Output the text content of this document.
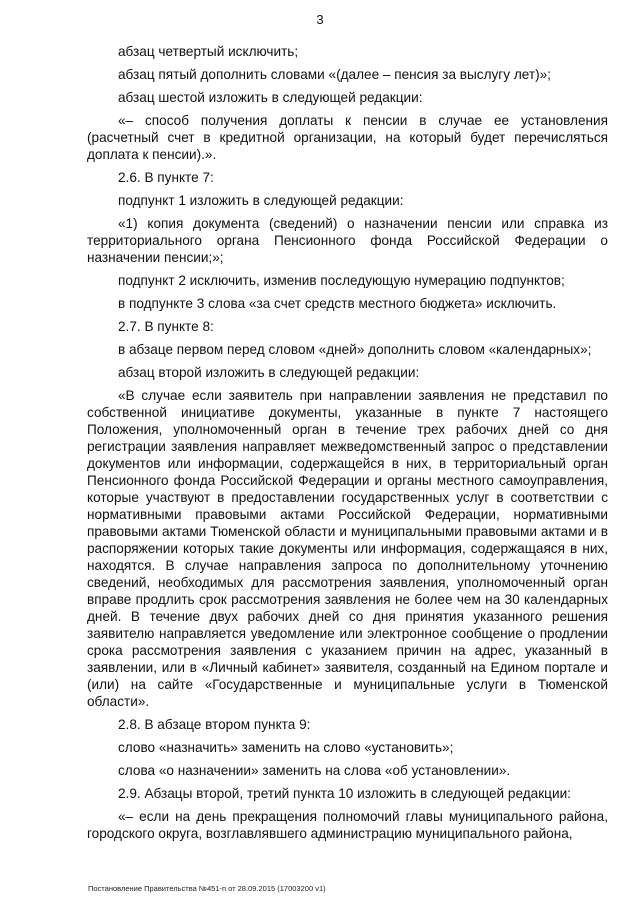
3

абзац четвертый исключить;

абзац пятый дополнить словами «(далее – пенсия за выслугу лет)»;

абзац шестой изложить в следующей редакции:

«– способ получения доплаты к пенсии в случае ее установления (расчетный счет в кредитной организации, на который будет перечисляться доплата к пенсии).».

2.6. В пункте 7:

подпункт 1 изложить в следующей редакции:

«1) копия документа (сведений) о назначении пенсии или справка из территориального органа Пенсионного фонда Российской Федерации о назначении пенсии;»;

подпункт 2 исключить, изменив последующую нумерацию подпунктов;

в подпункте 3 слова «за счет средств местного бюджета» исключить.

2.7. В пункте 8:

в абзаце первом перед словом «дней» дополнить словом «календарных»;

абзац второй изложить в следующей редакции:

«В случае если заявитель при направлении заявления не представил по собственной инициативе документы, указанные в пункте 7 настоящего Положения, уполномоченный орган в течение трех рабочих дней со дня регистрации заявления направляет межведомственный запрос о представлении документов или информации, содержащейся в них, в территориальный орган Пенсионного фонда Российской Федерации и органы местного самоуправления, которые участвуют в предоставлении государственных услуг в соответствии с нормативными правовыми актами Российской Федерации, нормативными правовыми актами Тюменской области и муниципальными правовыми актами и в распоряжении которых такие документы или информация, содержащаяся в них, находятся. В случае направления запроса по дополнительному уточнению сведений, необходимых для рассмотрения заявления, уполномоченный орган вправе продлить срок рассмотрения заявления не более чем на 30 календарных дней. В течение двух рабочих дней со дня принятия указанного решения заявителю направляется уведомление или электронное сообщение о продлении срока рассмотрения заявления с указанием причин на адрес, указанный в заявлении, или в «Личный кабинет» заявителя, созданный на Едином портале и (или) на сайте «Государственные и муниципальные услуги в Тюменской области».

2.8. В абзаце втором пункта 9:

слово «назначить» заменить на слово «установить»;

слова «о назначении» заменить на слова «об установлении».

2.9. Абзацы второй, третий пункта 10 изложить в следующей редакции:

«– если на день прекращения полномочий главы муниципального района, городского округа, возглавлявшего администрацию муниципального района,

Постановление Правительства №451-п от 28.09.2015 (17003200 v1)
